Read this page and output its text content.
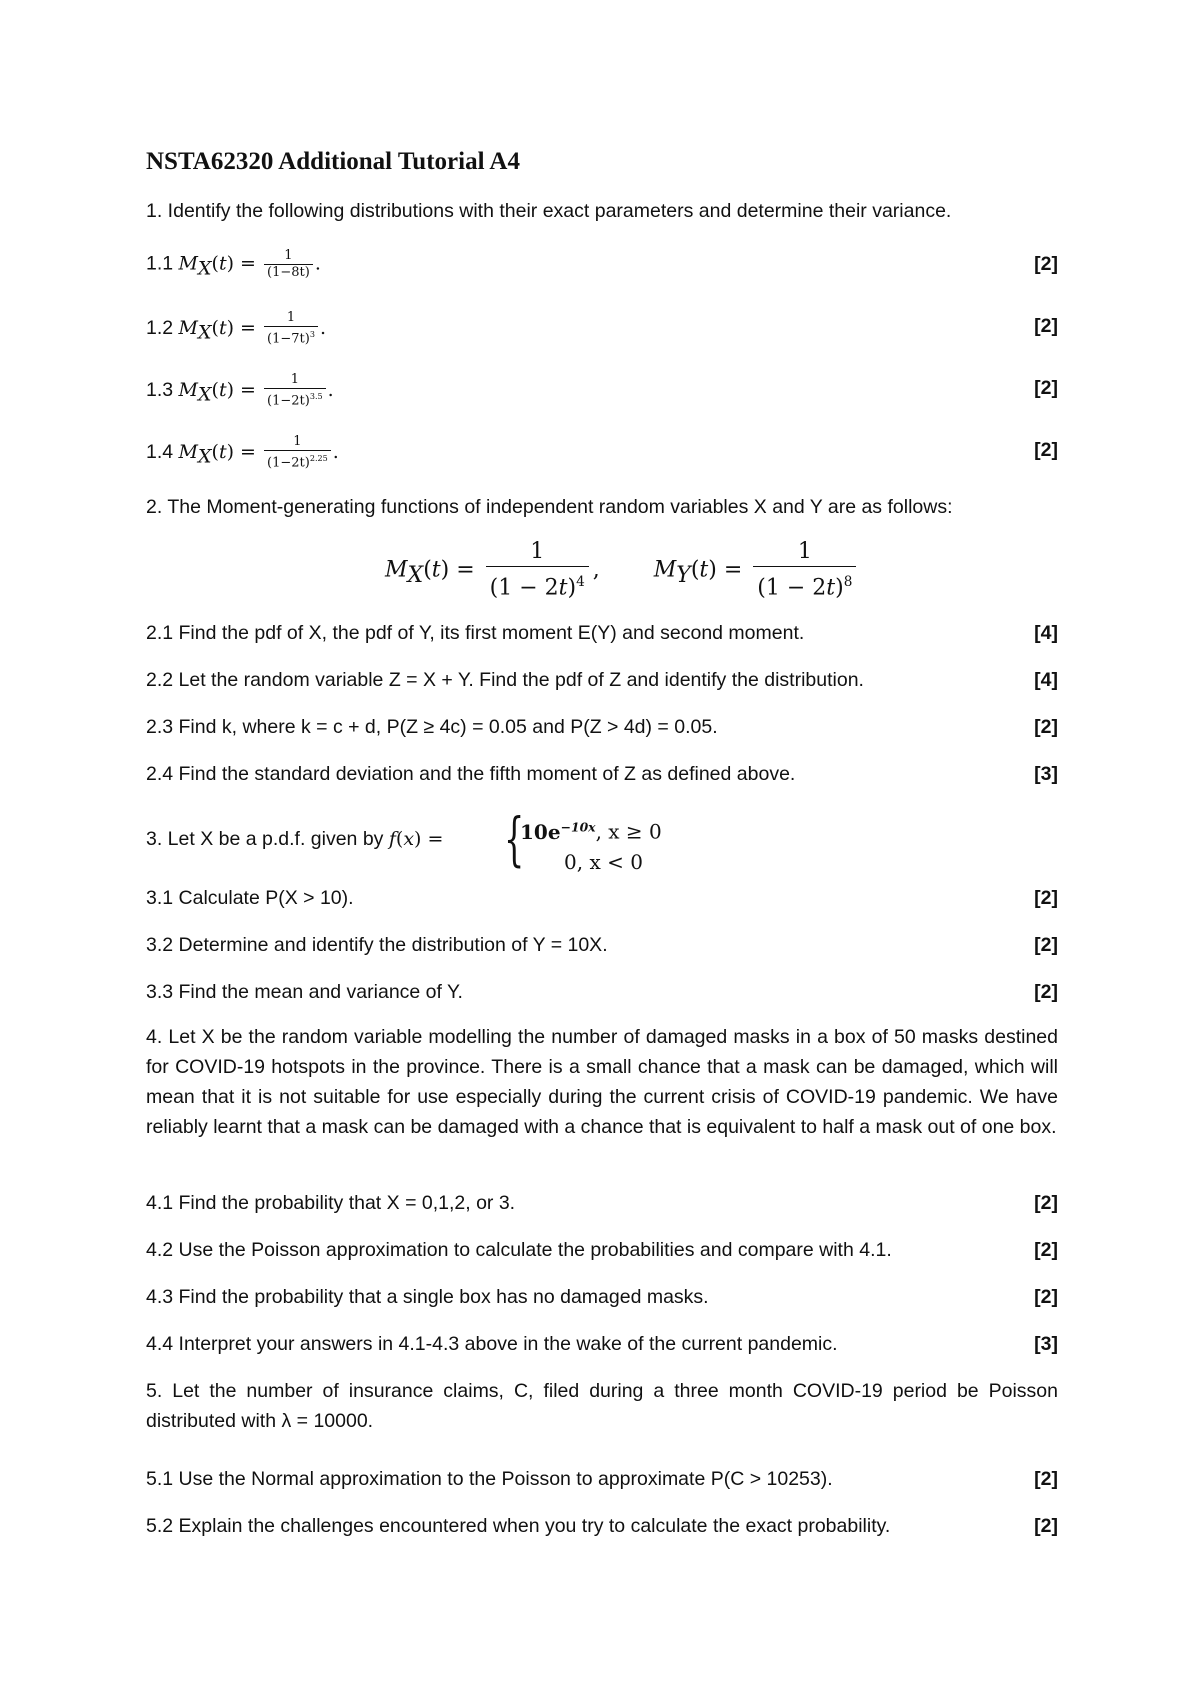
NSTA62320 Additional Tutorial A4
1. Identify the following distributions with their exact parameters and determine their variance.
1.1 $M_X(t) = \frac{1}{(1-8t)}$ .	[2]
1.2 $M_X(t) = \frac{1}{(1-7t)^3}$ .	[2]
1.3 $M_X(t) = \frac{1}{(1-2t)^{3.5}}$ .	[2]
1.4 $M_X(t) = \frac{1}{(1-2t)^{2.25}}$ .	[2]
2. The Moment-generating functions of independent random variables X and Y are as follows:
$M_X(t) = \frac{1}{(1 - 2t)^4}$ ,  $M_Y(t) = \frac{1}{(1 - 2t)^8}$
2.1 Find the pdf of X, the pdf of Y, its first moment E(Y) and second moment.	[4]
2.2 Let the random variable Z = X + Y. Find the pdf of Z and identify the distribution.	[4]
2.3 Find k, where k = c + d, P(Z ≥ 4c) = 0.05 and P(Z > 4d) = 0.05.	[2]
2.4 Find the standard deviation and the fifth moment of Z as defined above.	[3]
3. Let X be a p.d.f. given by f(x) = {
$10e^{-10x}$, x ≥ 0
0, x < 0
3.1 Calculate P(X > 10).	[2]
3.2 Determine and identify the distribution of Y = 10X.	[2]
3.3 Find the mean and variance of Y.	[2]
4. Let X be the random variable modelling the number of damaged masks in a box of 50 masks destined for COVID-19 hotspots in the province. There is a small chance that a mask can be damaged, which will mean that it is not suitable for use especially during the current crisis of COVID-19 pandemic. We have reliably learnt that a mask can be damaged with a chance that is equivalent to half a mask out of one box.
4.1 Find the probability that X = 0,1,2, or 3.	[2]
4.2 Use the Poisson approximation to calculate the probabilities and compare with 4.1.	[2]
4.3 Find the probability that a single box has no damaged masks.	[2]
4.4 Interpret your answers in 4.1-4.3 above in the wake of the current pandemic.	[3]
5. Let the number of insurance claims, C, filed during a three month COVID-19 period be Poisson distributed with λ = 10000.
5.1 Use the Normal approximation to the Poisson to approximate P(C > 10253).	[2]
5.2 Explain the challenges encountered when you try to calculate the exact probability.	[2]
